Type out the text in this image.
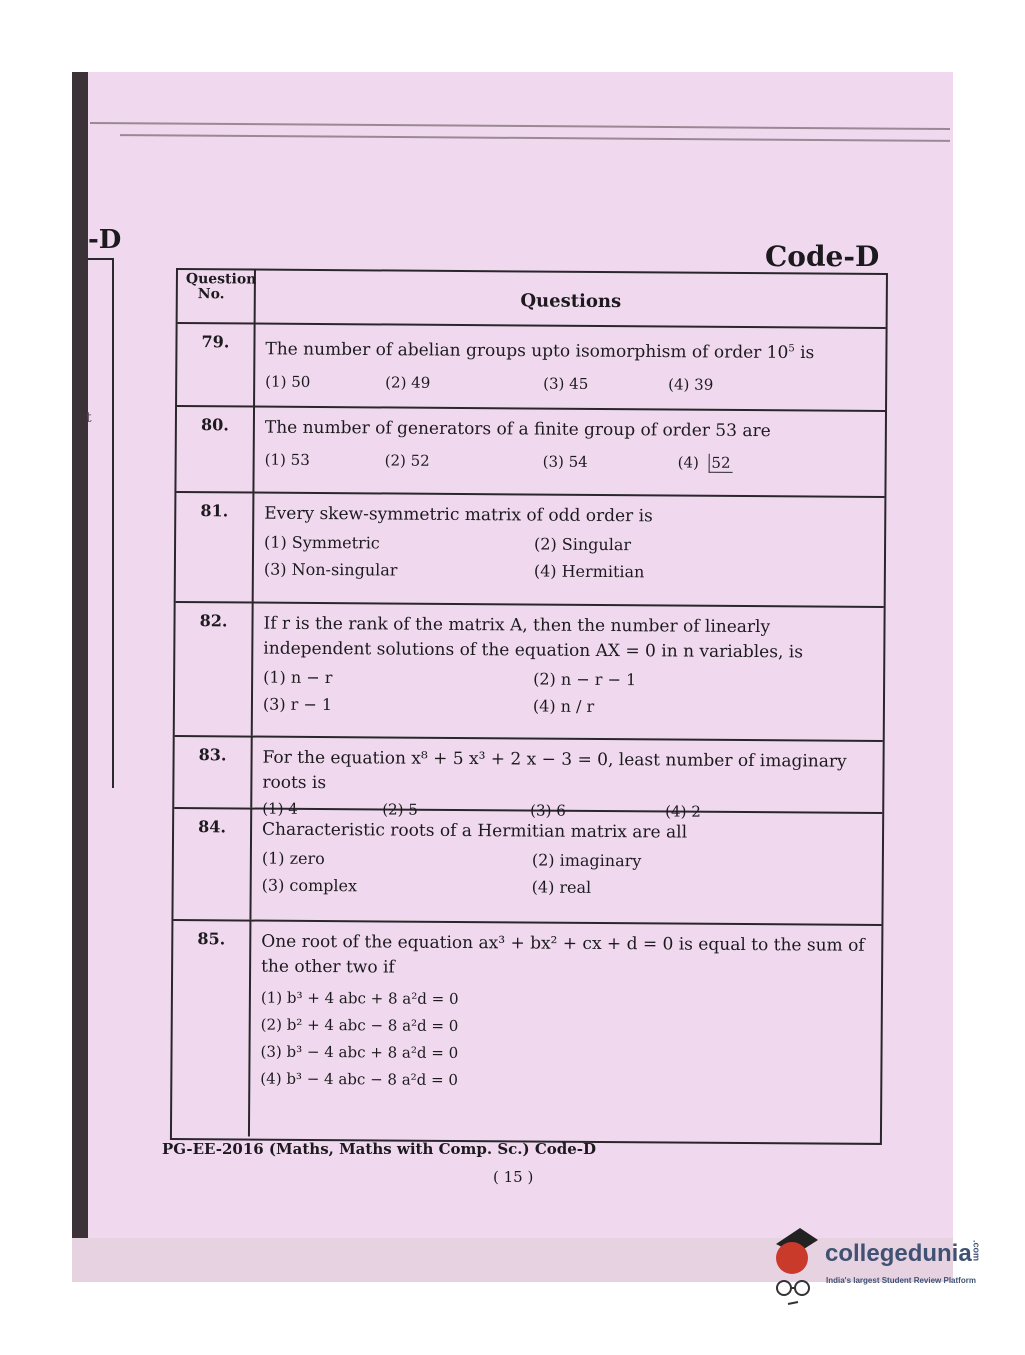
-D
t
Code-D
Question
No.	Questions
79.	The number of abelian groups upto isomorphism of order $10^5$ is
(1) 50	(2) 49	(3) 45	(4) 39
80.	The number of generators of a finite group of order 53 are
(1) 53	(2) 52	(3) 54	(4) 52
81.	Every skew-symmetric matrix of odd order is
(1) Symmetric	(2) Singular
(3) Non-singular	(4) Hermitian
82.	If r is the rank of the matrix A, then the number of linearly independent solutions of the equation AX = 0 in n variables, is
(1) n − r	(2) n − r − 1
(3) r − 1	(4) n / r
83.	For the equation x⁸ + 5 x³ + 2 x − 3 = 0, least number of imaginary roots is
(1) 4	(2) 5	(3) 6	(4) 2
84.	Characteristic roots of a Hermitian matrix are all
(1) zero	(2) imaginary
(3) complex	(4) real
85.	One root of the equation ax³ + bx² + cx + d = 0 is equal to the sum of the other two if
(1) b³ + 4 abc + 8 a²d = 0
(2) b² + 4 abc − 8 a²d = 0
(3) b³ − 4 abc + 8 a²d = 0
(4) b³ − 4 abc − 8 a²d = 0
PG-EE-2016 (Maths, Maths with Comp. Sc.) Code-D
( 15 )
collegedunia.com
India's largest Student Review Platform
